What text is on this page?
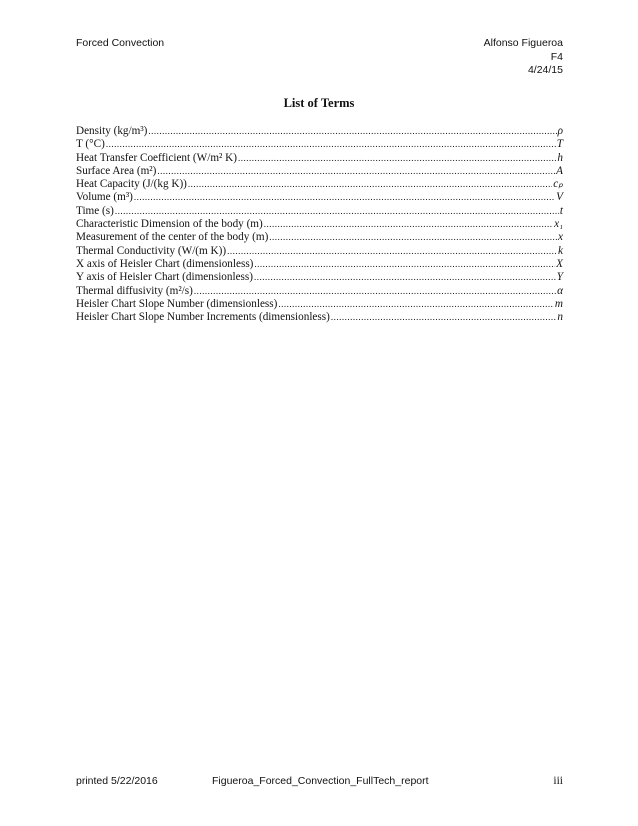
Forced Convection	Alfonso Figueroa
F4
4/24/15
List of Terms
Density (kg/m³) .....	ρ
T (°C) .....	T
Heat Transfer Coefficient (W/m² K) .....	h
Surface Area (m²) .....	A
Heat Capacity (J/(kg K)) .....	cₚ
Volume (m³) .....	V
Time (s) .....	t
Characteristic Dimension of the body (m) .....	x₁
Measurement of the center of the body (m) .....	x
Thermal Conductivity (W/(m K)) .....	k
X axis of Heisler Chart (dimensionless) .....	X
Y axis of Heisler Chart (dimensionless) .....	Y
Thermal diffusivity (m²/s) .....	α
Heisler Chart Slope Number (dimensionless) .....	m
Heisler Chart Slope Number Increments (dimensionless) .....	n
printed 5/22/2016	Figueroa_Forced_Convection_FullTech_report	iii
